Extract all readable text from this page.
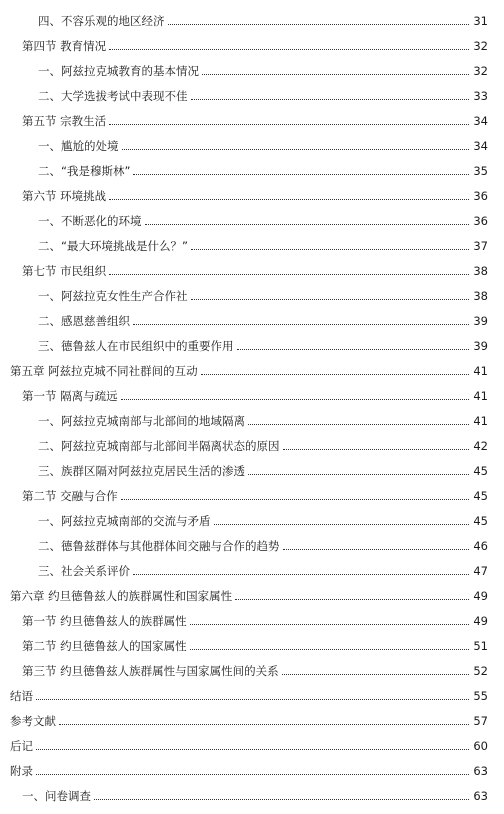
四、不容乐观的地区经济	31
第四节 教育情况	32
一、阿兹拉克城教育的基本情况	32
二、大学选拔考试中表现不佳	33
第五节 宗教生活	34
一、尴尬的处境	34
二、“我是穆斯林”	35
第六节 环境挑战	36
一、不断恶化的环境	36
二、“最大环境挑战是什么？”	37
第七节 市民组织	38
一、阿兹拉克女性生产合作社	38
二、感恩慈善组织	39
三、德鲁兹人在市民组织中的重要作用	39
第五章 阿兹拉克城不同社群间的互动	41
第一节 隔离与疏远	41
一、阿兹拉克城南部与北部间的地域隔离	41
二、阿兹拉克城南部与北部间半隔离状态的原因	42
三、族群区隔对阿兹拉克居民生活的渗透	45
第二节 交融与合作	45
一、阿兹拉克城南部的交流与矛盾	45
二、德鲁兹群体与其他群体间交融与合作的趋势	46
三、社会关系评价	47
第六章 约旦德鲁兹人的族群属性和国家属性	49
第一节 约旦德鲁兹人的族群属性	49
第二节 约旦德鲁兹人的国家属性	51
第三节 约旦德鲁兹人族群属性与国家属性间的关系	52
结语	55
参考文献	57
后记	60
附录	63
一、问卷调查	63
